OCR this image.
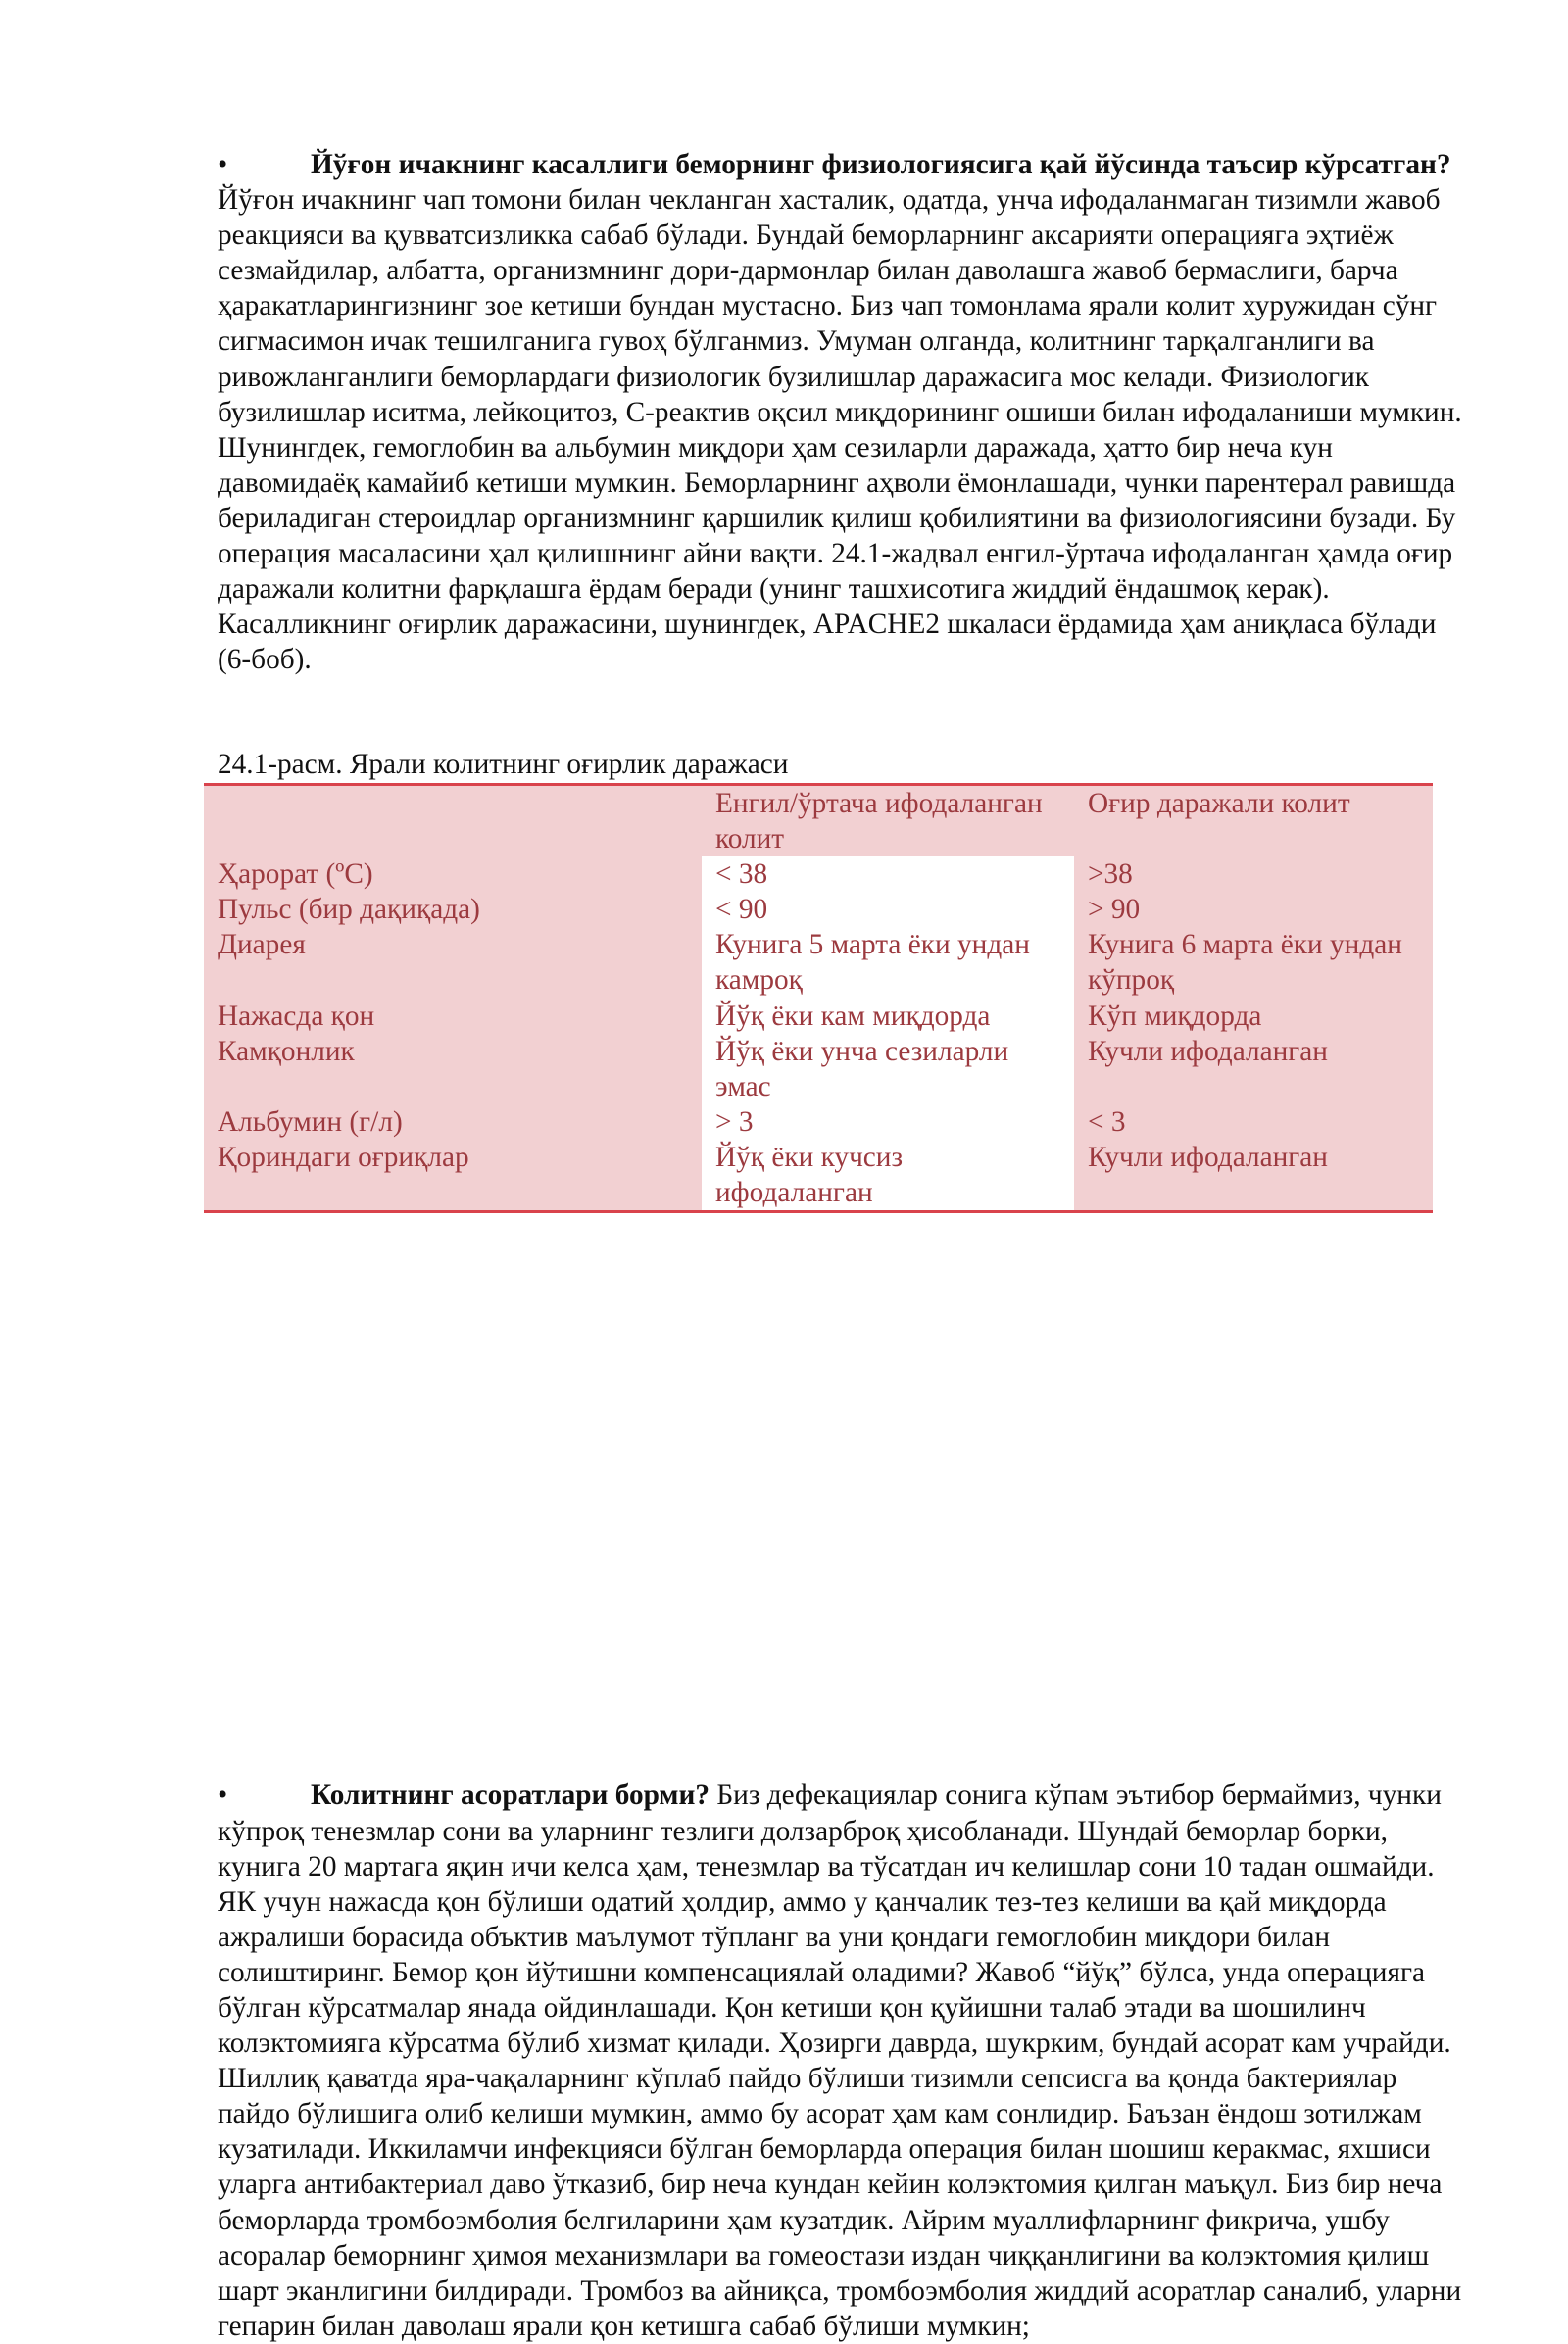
•	Йўғон ичакнинг касаллиги беморнинг физиологиясига қай йўсинда таъсир кўрсатган? Йўғон ичакнинг чап томони билан чекланган хасталик, одатда, унча ифодаланмаган тизимли жавоб реакцияси ва қувватсизликка сабаб бўлади. Бундай беморларнинг аксарияти операцияга эҳтиёж сезмайдилар, албатта, организмнинг дори-дармонлар билан даволашга жавоб бермаслиги, барча ҳаракатларингизнинг зое кетиши бундан мустасно. Биз чап томонлама ярали колит хуружидан сўнг сигмасимон ичак тешилганига гувоҳ бўлганмиз. Умуман олганда, колитнинг тарқалганлиги ва ривожланганлиги беморлардаги физиологик бузилишлар даражасига мос келади. Физиологик бузилишлар иситма, лейкоцитоз, С-реактив оқсил миқдорининг ошиши билан ифодаланиши мумкин. Шунингдек, гемоглобин ва альбумин миқдори ҳам сезиларли даражада, ҳатто бир неча кун давомидаёқ камайиб кетиши мумкин. Беморларнинг аҳволи ёмонлашади, чунки парентерал равишда бериладиган стероидлар организмнинг қаршилик қилиш қобилиятини ва физиологиясини бузади. Бу операция масаласини ҳал қилишнинг айни вақти. 24.1-жадвал енгил-ўртача ифодаланган ҳамда оғир даражали колитни фарқлашга ёрдам беради (унинг ташхисотига жиддий ёндашмоқ керак). Касалликнинг оғирлик даражасини, шунингдек, APACHE2 шкаласи ёрдамида ҳам аниқласа бўлади (6-боб).

24.1-расм. Ярали колитнинг оғирлик даражаси
	Енгил/ўртача ифодаланган колит	Оғир даражали колит
Ҳарорат (ºС)	< 38	>38
Пульс (бир дақиқада)	< 90	> 90
Диарея	Кунига 5 марта ёки ундан камроқ	Кунига 6 марта ёки ундан кўпроқ
Нажасда қон	Йўқ ёки кам миқдорда	Кўп миқдорда
Камқонлик	Йўқ ёки унча сезиларли эмас	Кучли ифодаланган
Альбумин (г/л)	> 3	< 3
Қориндаги оғриқлар	Йўқ ёки кучсиз ифодаланган	Кучли ифодаланган

•	Колитнинг асоратлари борми? Биз дефекациялар сонига кўпам эътибор бермаймиз, чунки кўпроқ тенезмлар сони ва уларнинг тезлиги долзарброқ ҳисобланади. Шундай беморлар борки, кунига 20 мартага яқин ичи келса ҳам, тенезмлар ва тўсатдан ич келишлар сони 10 тадан ошмайди. ЯК учун нажасда қон бўлиши одатий ҳолдир, аммо у қанчалик тез-тез келиши ва қай миқдорда ажралиши борасида объктив маълумот тўпланг ва уни қондаги гемоглобин миқдори билан солиштиринг. Бемор қон йўтишни компенсациялай оладими? Жавоб “йўқ” бўлса, унда операцияга бўлган кўрсатмалар янада ойдинлашади. Қон кетиши қон қуйишни талаб этади ва шошилинч колэктомияга кўрсатма бўлиб хизмат қилади. Ҳозирги даврда, шукрким, бундай асорат кам учрайди. Шиллиқ қаватда яра-чақаларнинг кўплаб пайдо бўлиши тизимли сепсисга ва қонда бактериялар пайдо бўлишига олиб келиши мумкин, аммо бу асорат ҳам кам сонлидир. Баъзан ёндош зотилжам кузатилади. Иккиламчи инфекцияси бўлган беморларда операция билан шошиш керакмас, яхшиси уларга антибактериал даво ўтказиб, бир неча кундан кейин колэктомия қилган маъқул. Биз бир неча беморларда тромбоэмболия белгиларини ҳам кузатдик. Айрим муаллифларнинг фикрича, ушбу асоралар беморнинг ҳимоя механизмлари ва гомеостази издан чиққанлигини ва колэктомия қилиш шарт эканлигини билдиради. Тромбоз ва айниқса, тромбоэмболия жиддий асоратлар саналиб, уларни гепарин билан даволаш ярали қон кетишга сабаб бўлиши мумкин;
